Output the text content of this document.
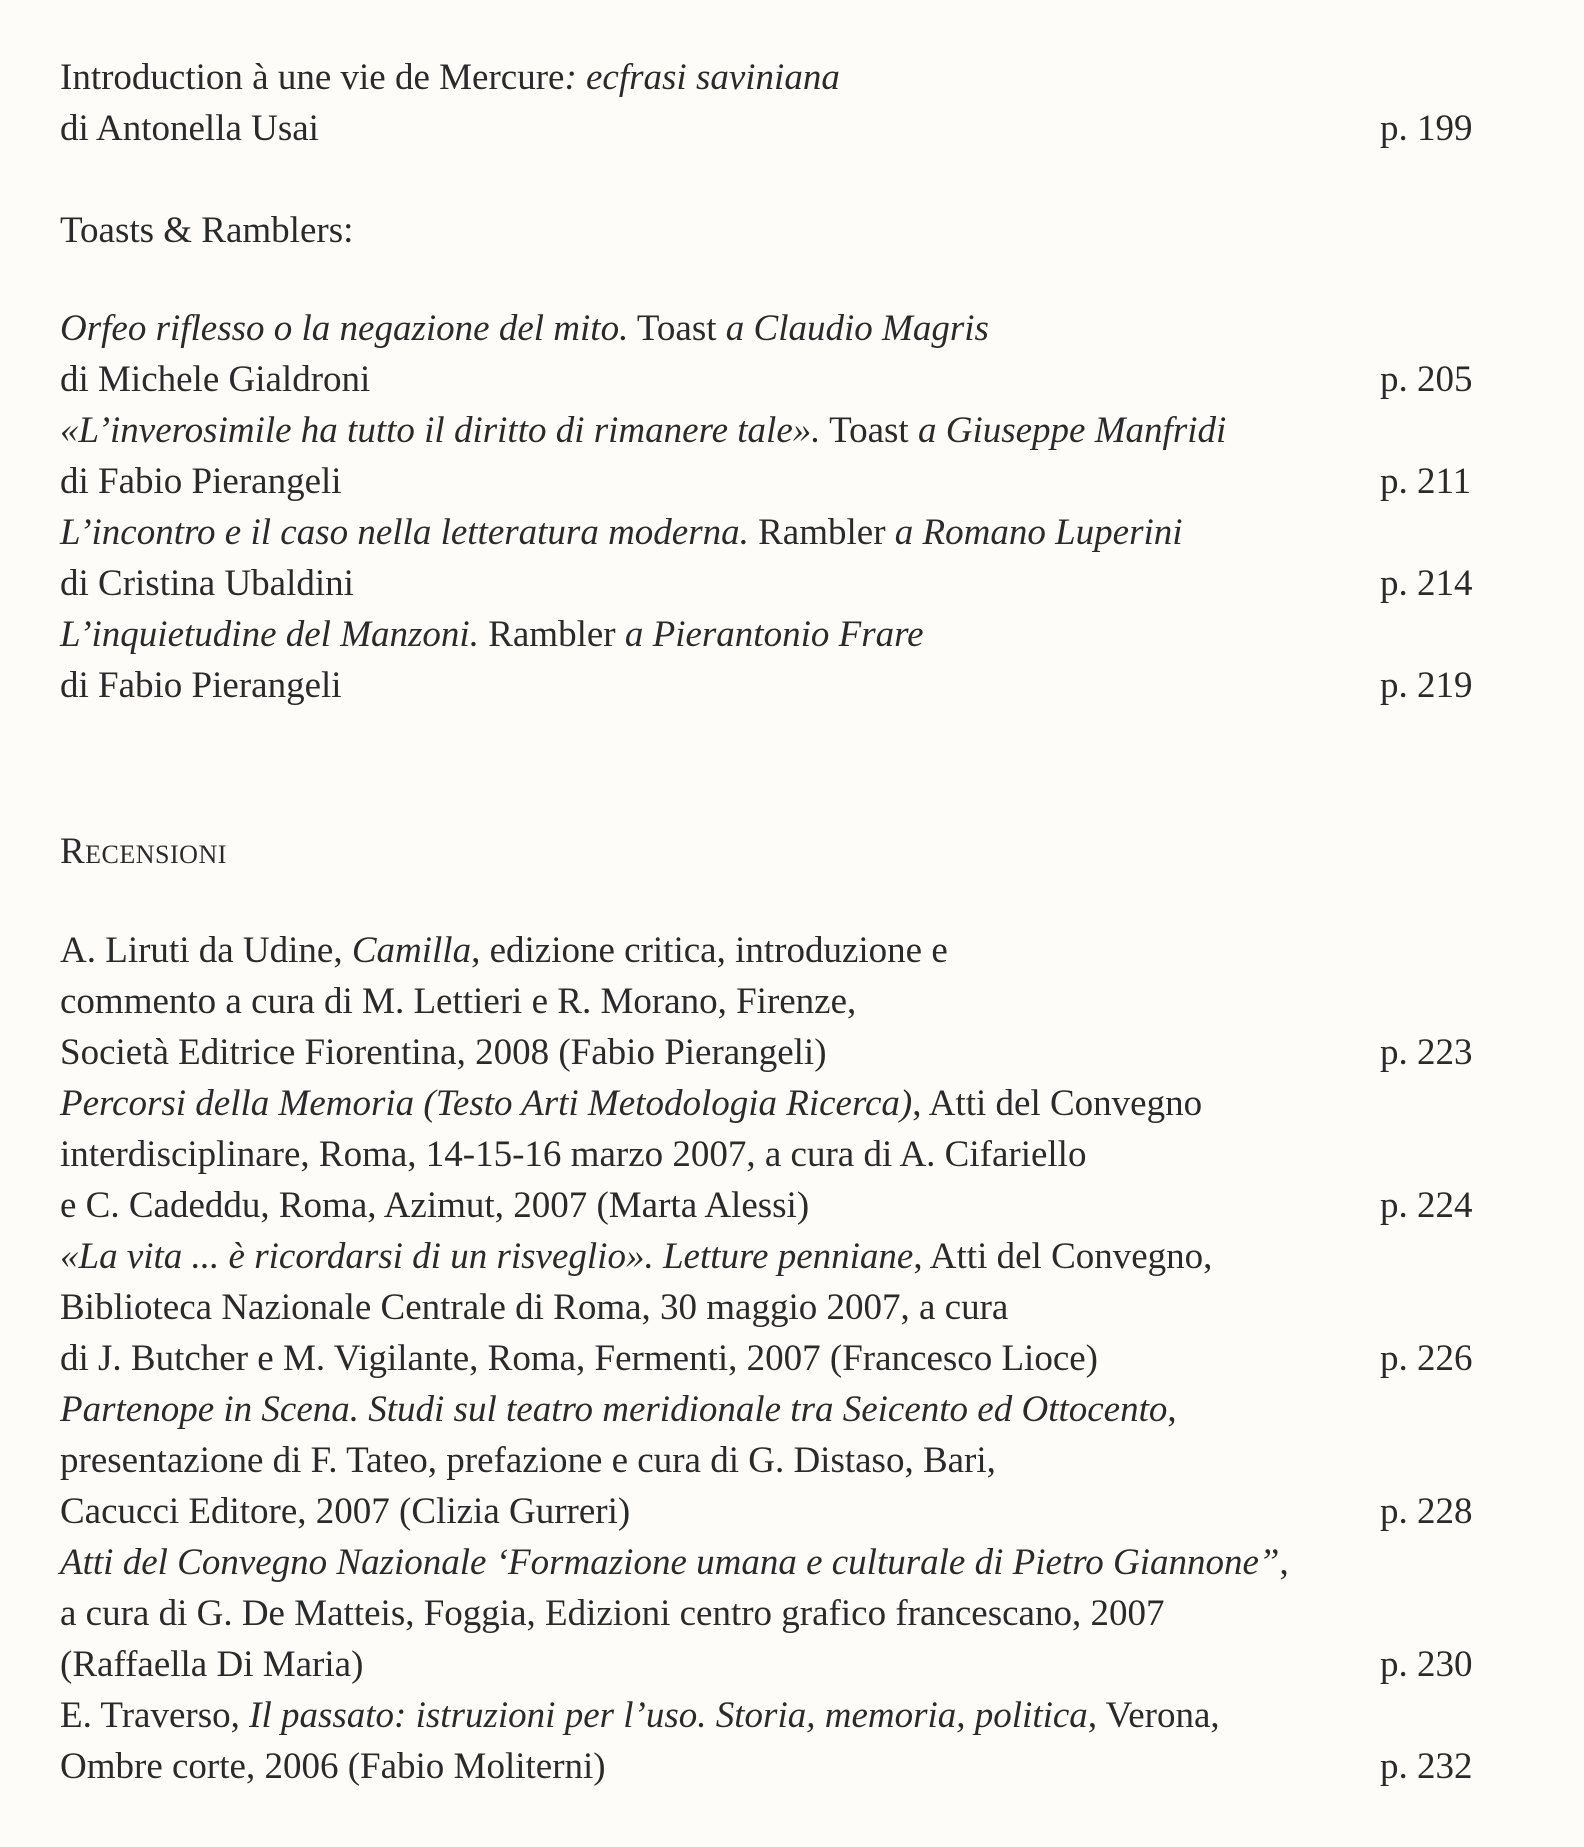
Introduction à une vie de Mercure: ecfrasi saviniana
di Antonella Usai	p. 199
Toasts & Ramblers:
Orfeo riflesso o la negazione del mito. Toast a Claudio Magris
di Michele Gialdroni	p. 205
«L’inverosimile ha tutto il diritto di rimanere tale». Toast a Giuseppe Manfridi
di Fabio Pierangeli	p. 211
L’incontro e il caso nella letteratura moderna. Rambler a Romano Luperini
di Cristina Ubaldini	p. 214
L’inquietudine del Manzoni. Rambler a Pierantonio Frare
di Fabio Pierangeli	p. 219
Recensioni
A. Liruti da Udine, Camilla, edizione critica, introduzione e
commento a cura di M. Lettieri e R. Morano, Firenze,
Società Editrice Fiorentina, 2008 (Fabio Pierangeli)	p. 223
Percorsi della Memoria (Testo Arti Metodologia Ricerca), Atti del Convegno
interdisciplinare, Roma, 14-15-16 marzo 2007, a cura di A. Cifariello
e C. Cadeddu, Roma, Azimut, 2007 (Marta Alessi)	p. 224
«La vita ... è ricordarsi di un risveglio». Letture penniane, Atti del Convegno,
Biblioteca Nazionale Centrale di Roma, 30 maggio 2007, a cura
di J. Butcher e M. Vigilante, Roma, Fermenti, 2007 (Francesco Lioce)	p. 226
Partenope in Scena. Studi sul teatro meridionale tra Seicento ed Ottocento,
presentazione di F. Tateo, prefazione e cura di G. Distaso, Bari,
Cacucci Editore, 2007 (Clizia Gurreri)	p. 228
Atti del Convegno Nazionale ‘Formazione umana e culturale di Pietro Giannone”,
a cura di G. De Matteis, Foggia, Edizioni centro grafico francescano, 2007
(Raffaella Di Maria)	p. 230
E. Traverso, Il passato: istruzioni per l’uso. Storia, memoria, politica, Verona,
Ombre corte, 2006 (Fabio Moliterni)	p. 232
